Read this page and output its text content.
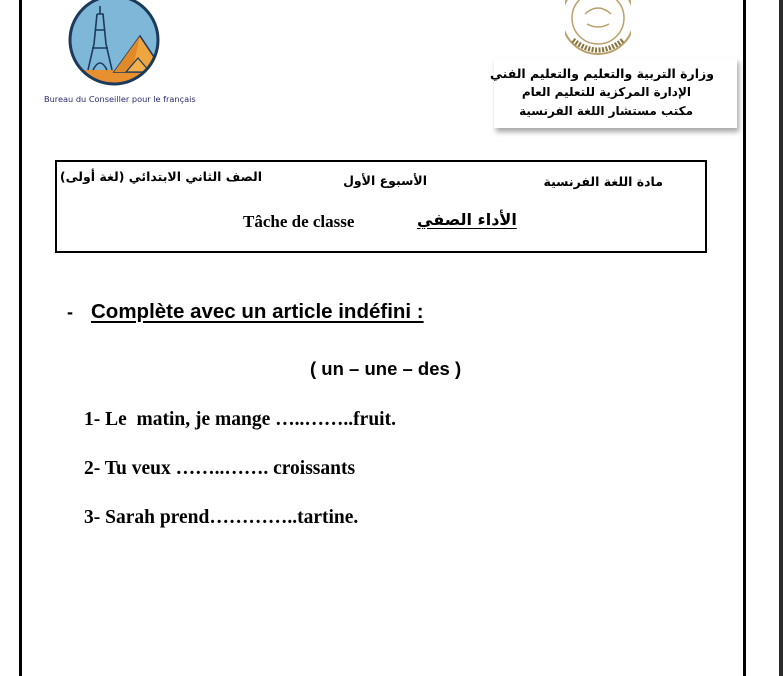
Bureau du Conseiller pour le français
وزارة التربية والتعليم والتعليم الفني
الإدارة المركزية للتعليم العام
مكتب مستشار اللغة الفرنسية
مادة اللغة الفرنسية
الأسبوع الأول
الصف الثاني الابتدائي (لغة أولى)
Tâche de classe	الأداء الصفي
- Complète avec un article indéfini :
( un – une – des )
1- Le  matin, je mange …..……..fruit.
2- Tu veux ……..……. croissants
3- Sarah prend…………..tartine.
